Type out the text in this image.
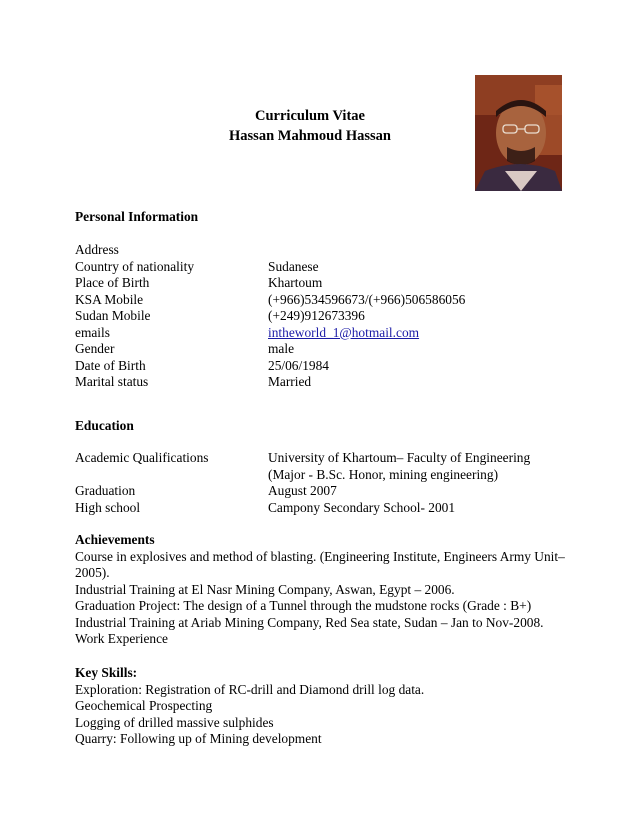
Curriculum Vitae
Hassan Mahmoud Hassan
Personal Information
Address
Country of nationality	Sudanese
Place of Birth	Khartoum
KSA Mobile	(+966)534596673/(+966)506586056
Sudan Mobile	(+249)912673396
emails	intheworld_1@hotmail.com
Gender	male
Date of Birth	25/06/1984
Marital status	Married
Education
Academic Qualifications	University of Khartoum– Faculty of Engineering
(Major - B.Sc. Honor, mining engineering)
Graduation	August 2007
High school	Campony Secondary School- 2001
Achievements
Course in explosives and method of blasting. (Engineering Institute, Engineers Army Unit–
2005).
Industrial Training at El Nasr Mining Company, Aswan, Egypt – 2006.
Graduation Project: The design of a Tunnel through the mudstone rocks (Grade : B+)
Industrial Training at Ariab Mining Company, Red Sea state, Sudan – Jan to Nov-2008.
Work Experience
Key Skills:
Exploration: Registration of RC-drill and Diamond drill log data.
Geochemical Prospecting
Logging of drilled massive sulphides
Quarry: Following up of Mining development
